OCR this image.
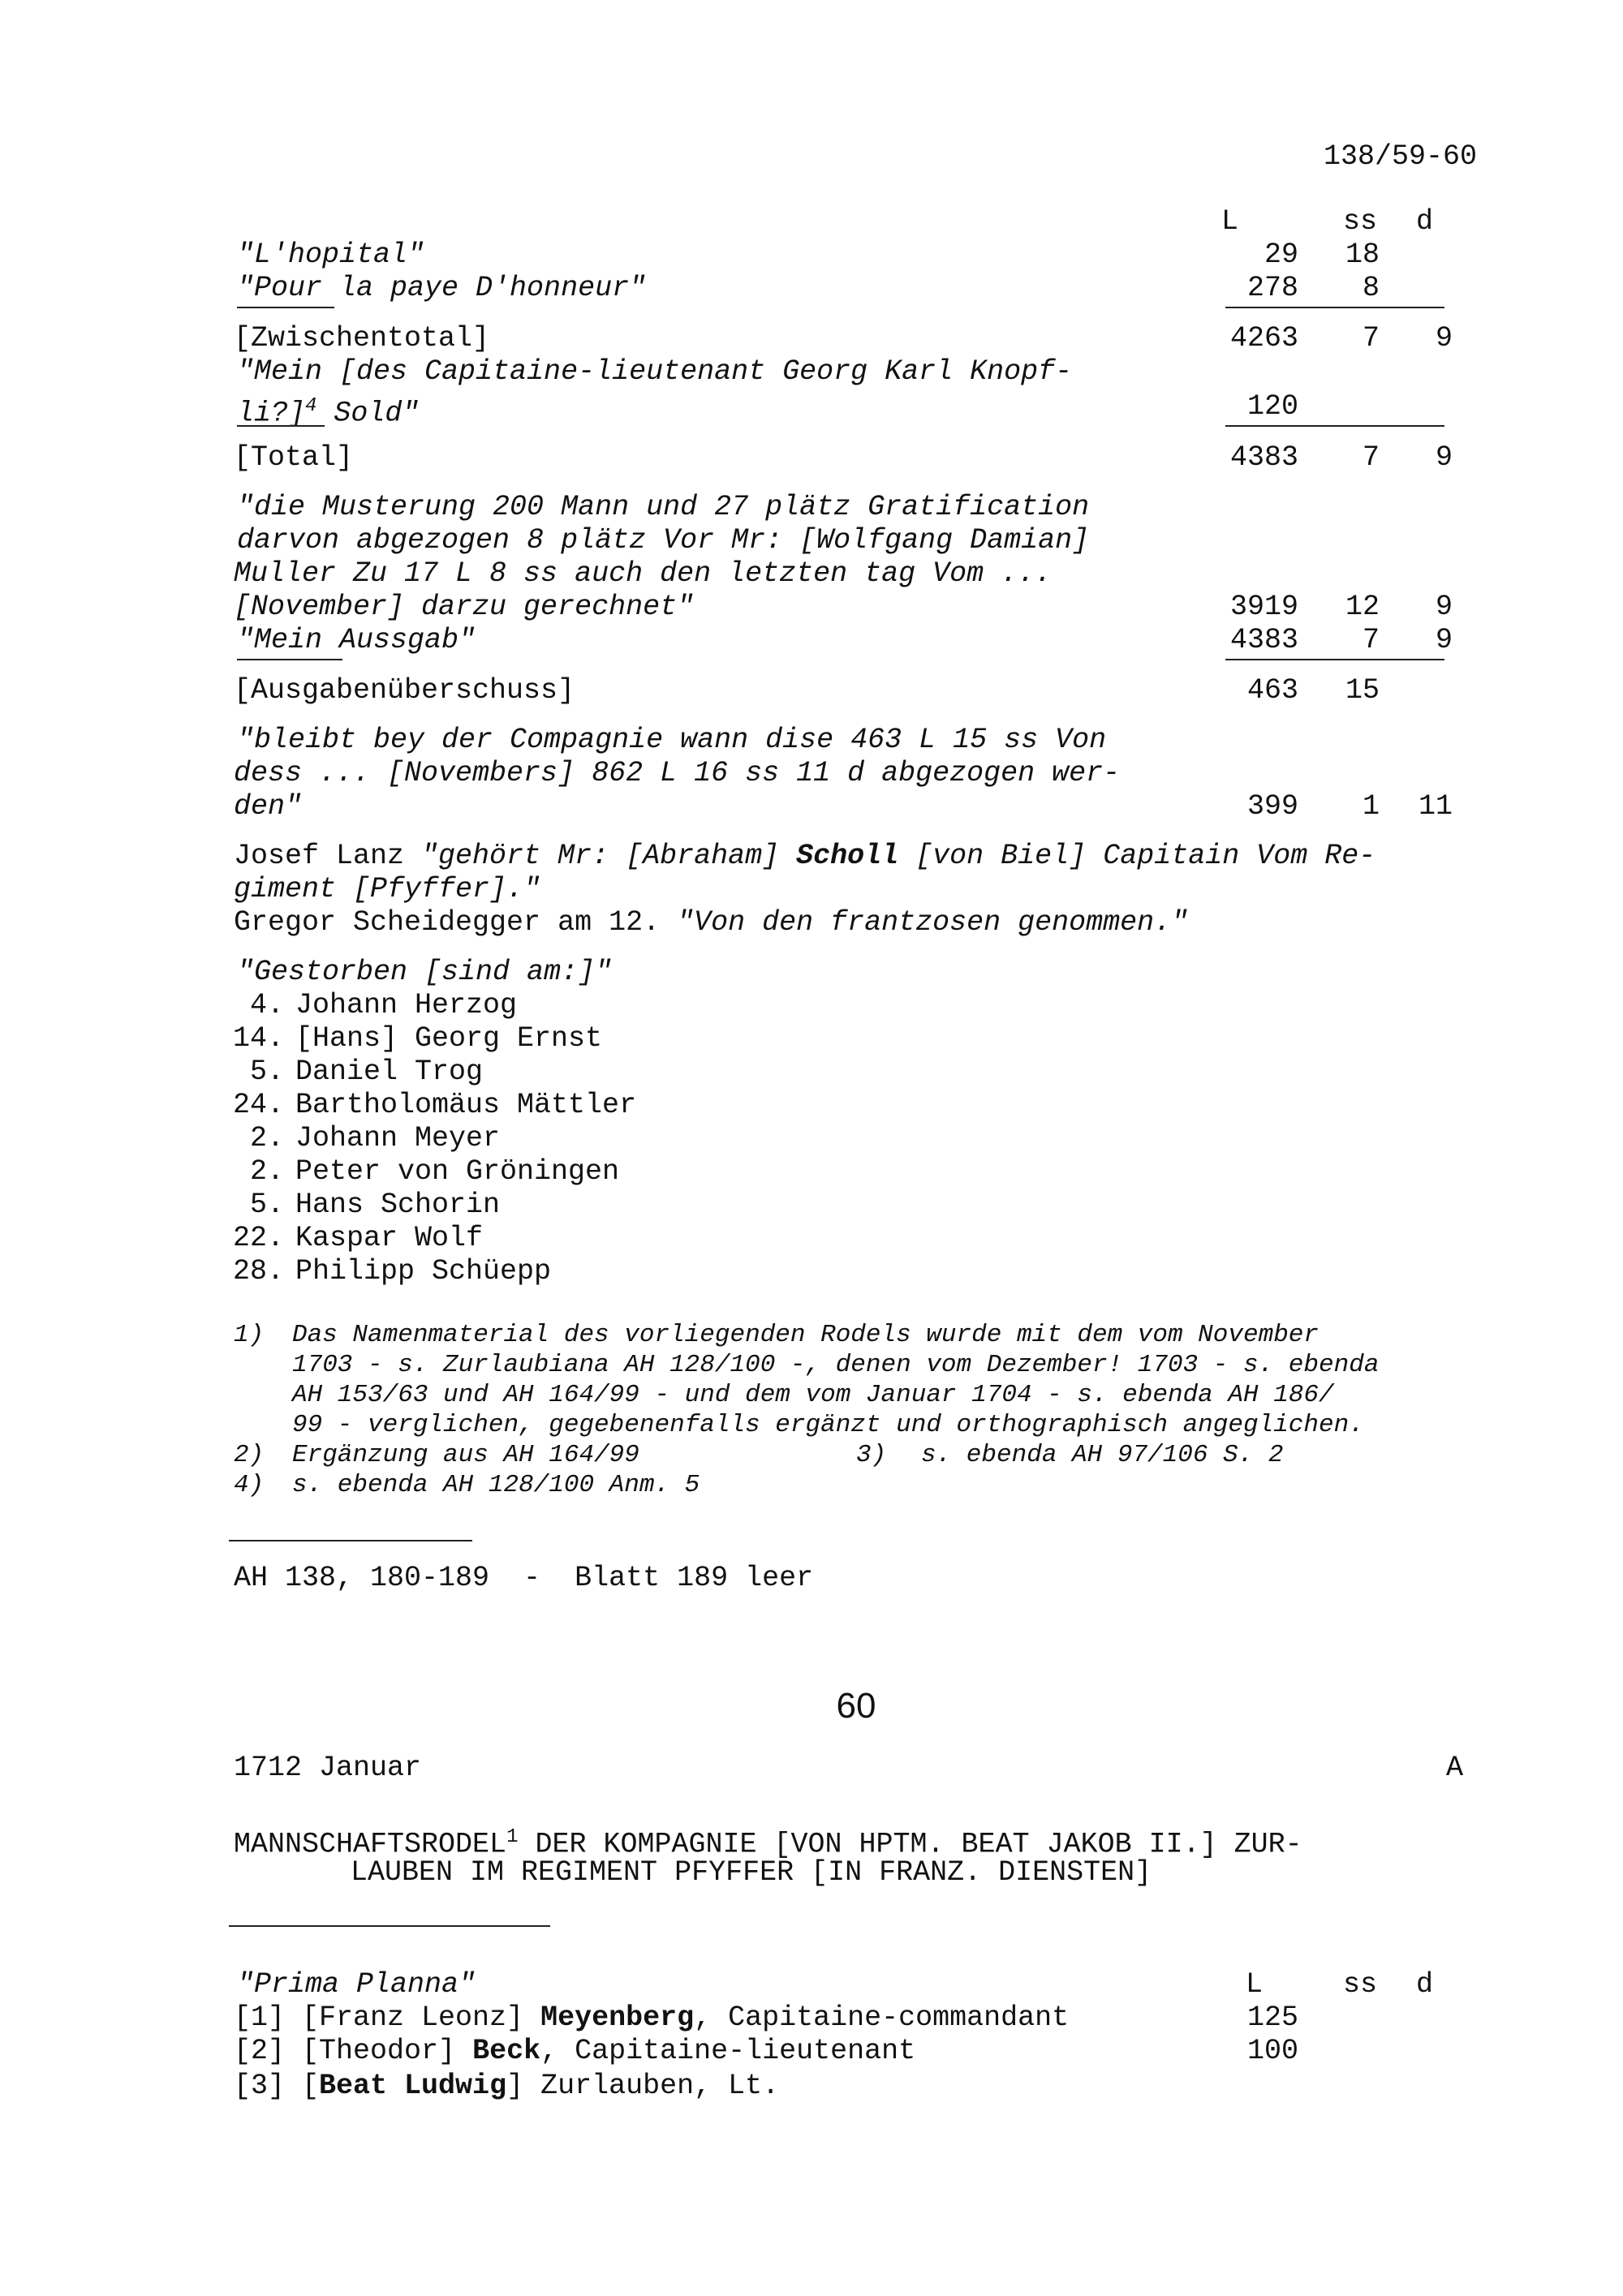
138/59-60
L	ss d
"L'hopital"	29	18
"Pour la paye D'honneur"	278	8
[Zwischentotal]	4263	7	9
"Mein [des Capitaine-lieutenant Georg Karl Knopf-
li?]$^4$ Sold"	120
[Total]	4383	7	9
"die Musterung 200 Mann und 27 plätz Gratification
darvon abgezogen 8 plätz Vor Mr: [Wolfgang Damian]
Muller Zu 17 L 8 ss auch den letzten tag Vom ...
[November] darzu gerechnet"	3919	12	9
"Mein Aussgab"	4383	7	9
[Ausgabenüberschuss]	463	15
"bleibt bey der Compagnie wann dise 463 L 15 ss Von
dess ... [Novembers] 862 L 16 ss 11 d abgezogen wer-
den"	399	1	11
Josef Lanz "gehört Mr: [Abraham] Scholl [von Biel] Capitain Vom Re-
giment [Pfyffer]."
Gregor Scheidegger am 12. "Von den frantzosen genommen."
"Gestorben [sind am:]"
4. Johann Herzog
14. [Hans] Georg Ernst
5. Daniel Trog
24. Bartholomäus Mättler
2. Johann Meyer
2. Peter von Gröningen
5. Hans Schorin
22. Kaspar Wolf
28. Philipp Schüepp
1) Das Namenmaterial des vorliegenden Rodels wurde mit dem vom November
1703 - s. Zurlaubiana AH 128/100 -, denen vom Dezember! 1703 - s. ebenda
AH 153/63 und AH 164/99 - und dem vom Januar 1704 - s. ebenda AH 186/
99 - verglichen, gegebenenfalls ergänzt und orthographisch angeglichen.
2) Ergänzung aus AH 164/99	3) s. ebenda AH 97/106 S. 2
4) s. ebenda AH 128/100 Anm. 5
AH 138, 180-189  -  Blatt 189 leer
60
1712 Januar	A
MANNSCHAFTSRODEL$^1$ DER KOMPAGNIE [VON HPTM. BEAT JAKOB II.] ZUR-
LAUBEN IM REGIMENT PFYFFER [IN FRANZ. DIENSTEN]
"Prima Planna"	L	ss d
[1] [Franz Leonz] Meyenberg, Capitaine-commandant	125
[2] [Theodor] Beck, Capitaine-lieutenant	100
[3] [Beat Ludwig] Zurlauben, Lt.
